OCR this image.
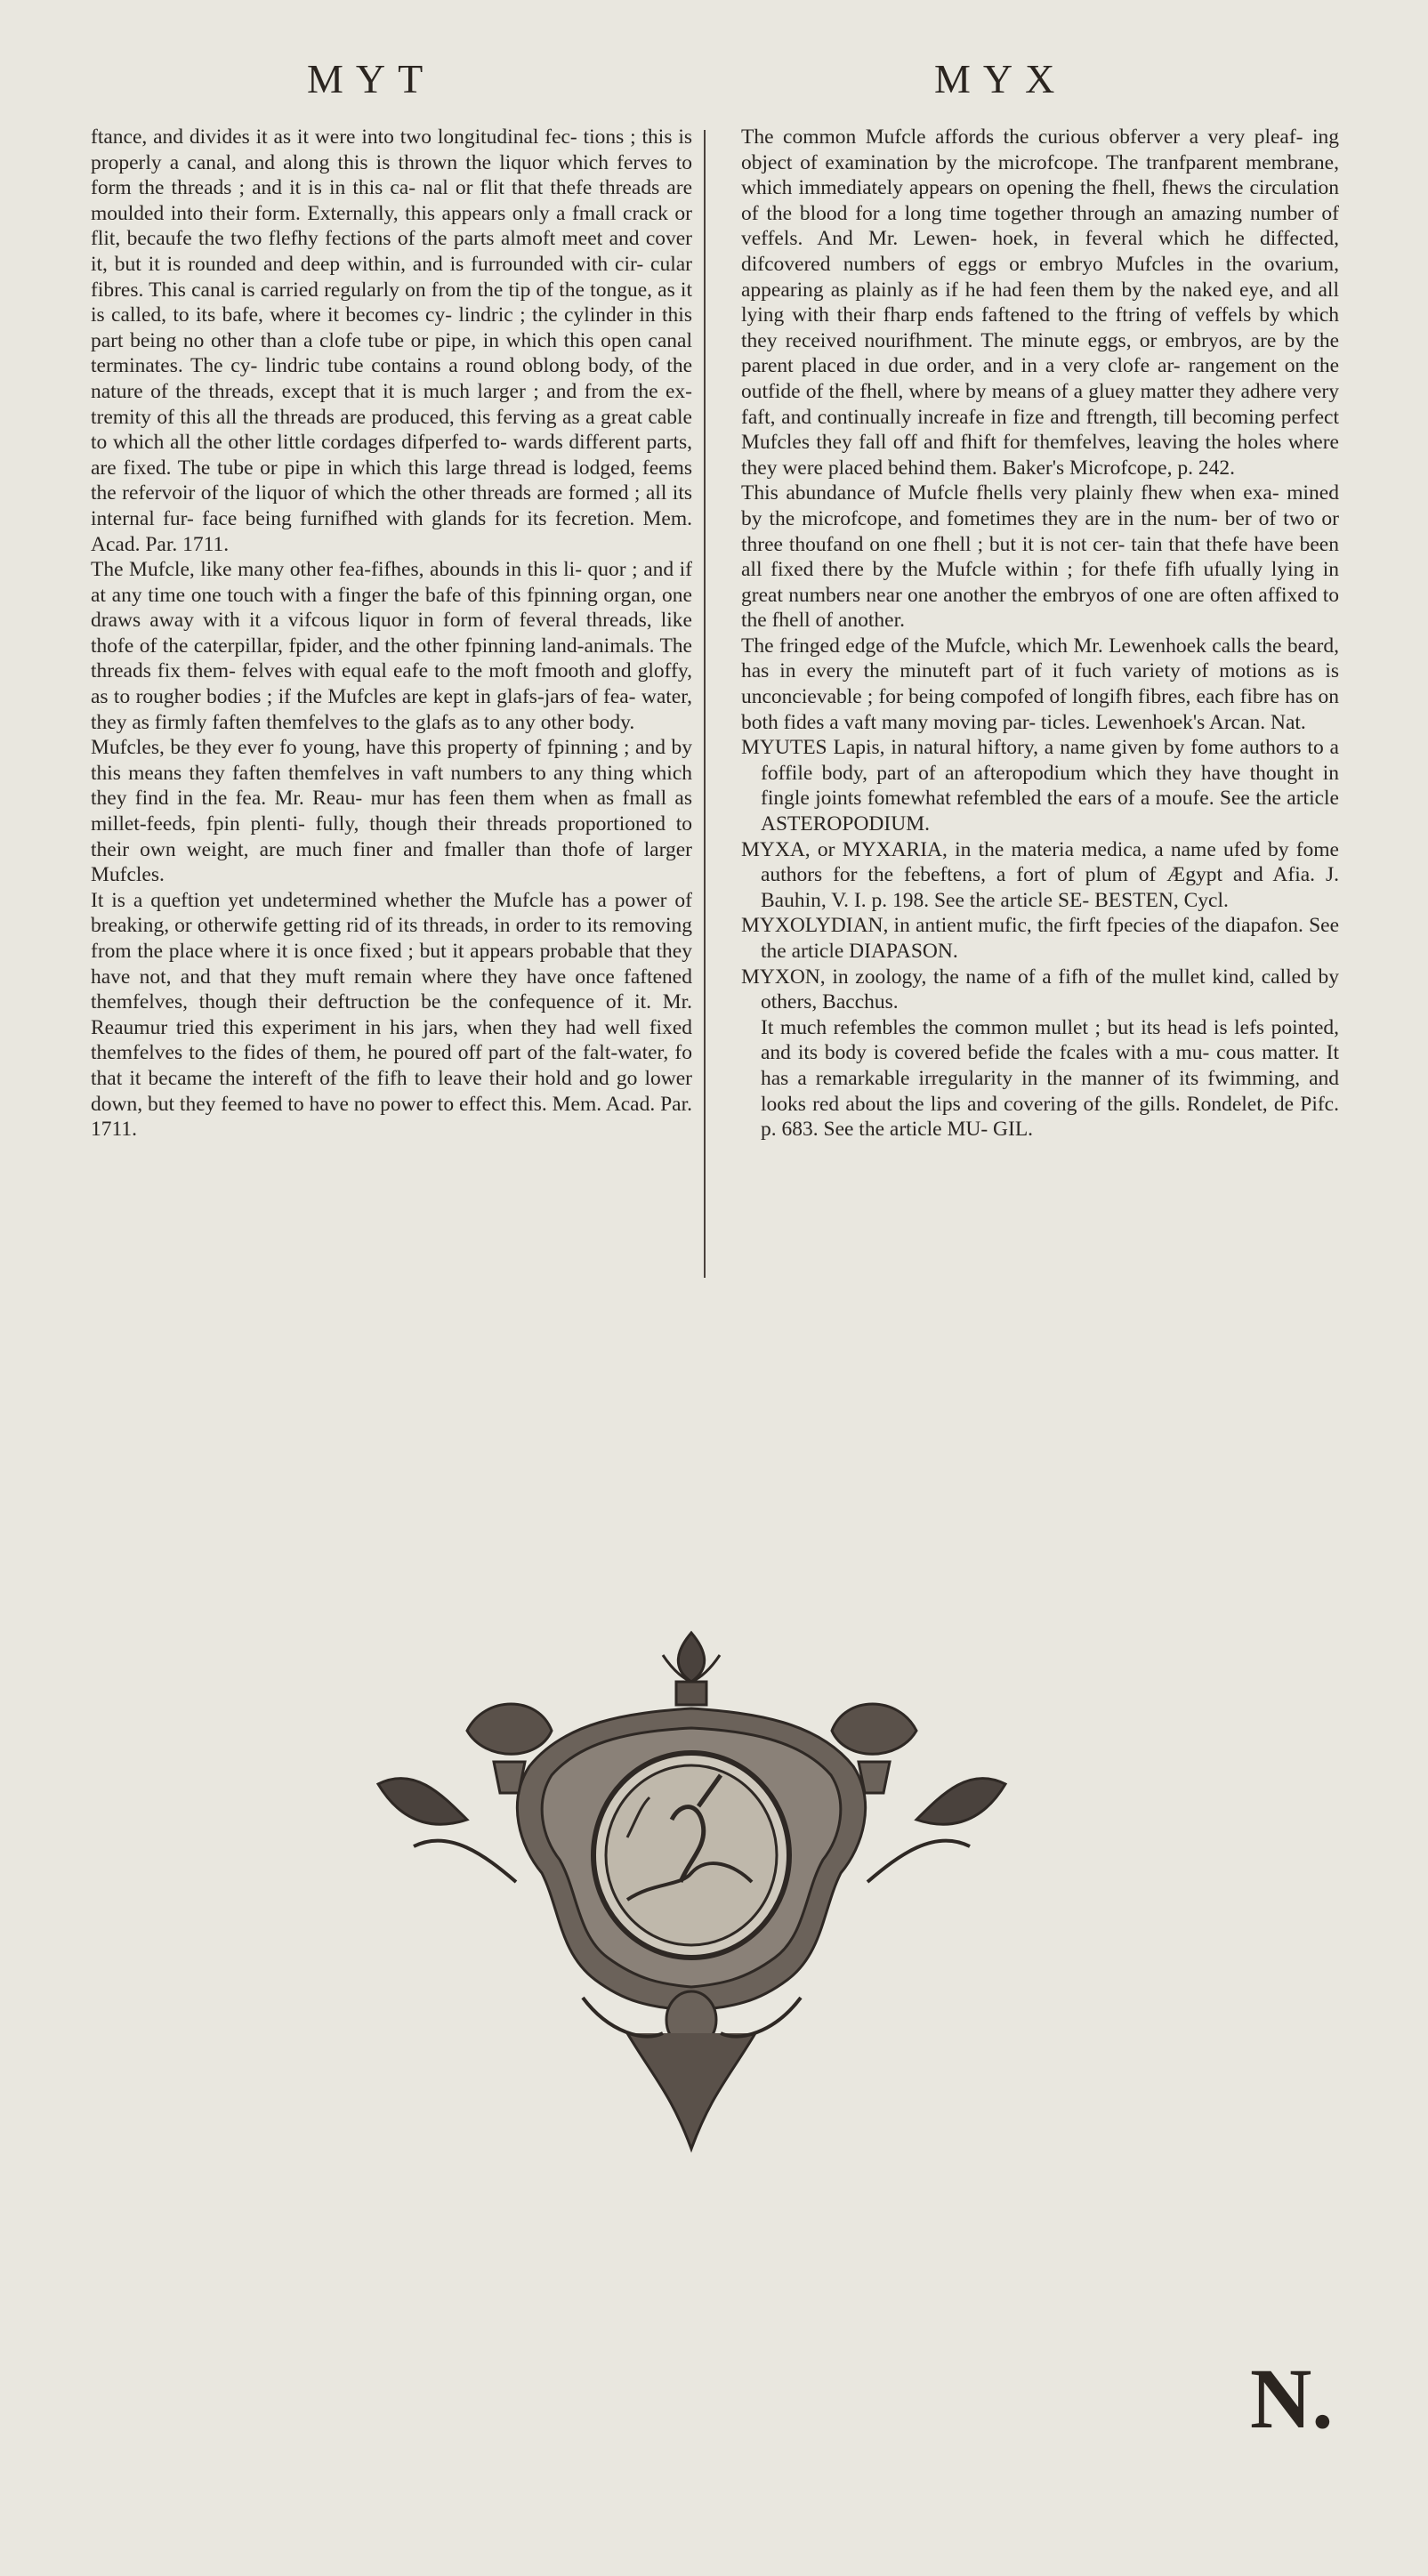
MYT	MYX

ftance, and divides it as it were into two longitudinal fec- tions ; this is properly a canal, and along this is thrown the liquor which ferves to form the threads ; and it is in this ca- nal or flit that thefe threads are moulded into their form. Externally, this appears only a fmall crack or flit, becaufe the two flefhy fections of the parts almoft meet and cover it, but it is rounded and deep within, and is furrounded with cir- cular fibres. This canal is carried regularly on from the tip of the tongue, as it is called, to its bafe, where it becomes cy- lindric ; the cylinder in this part being no other than a clofe tube or pipe, in which this open canal terminates. The cy- lindric tube contains a round oblong body, of the nature of the threads, except that it is much larger ; and from the ex- tremity of this all the threads are produced, this ferving as a great cable to which all the other little cordages difperfed to- wards different parts, are fixed. The tube or pipe in which this large thread is lodged, feems the refervoir of the liquor of which the other threads are formed ; all its internal fur- face being furnifhed with glands for its fecretion. Mem. Acad. Par. 1711.

The Mufcle, like many other fea-fifhes, abounds in this li- quor ; and if at any time one touch with a finger the bafe of this fpinning organ, one draws away with it a vifcous liquor in form of feveral threads, like thofe of the caterpillar, fpider, and the other fpinning land-animals. The threads fix them- felves with equal eafe to the moft fmooth and gloffy, as to rougher bodies ; if the Mufcles are kept in glafs-jars of fea- water, they as firmly faften themfelves to the glafs as to any other body.

Mufcles, be they ever fo young, have this property of fpinning ; and by this means they faften themfelves in vaft numbers to any thing which they find in the fea. Mr. Reau- mur has feen them when as fmall as millet-feeds, fpin plenti- fully, though their threads proportioned to their own weight, are much finer and fmaller than thofe of larger Mufcles.

It is a queftion yet undetermined whether the Mufcle has a power of breaking, or otherwife getting rid of its threads, in order to its removing from the place where it is once fixed ; but it appears probable that they have not, and that they muft remain where they have once faftened themfelves, though their deftruction be the confequence of it. Mr. Reaumur tried this experiment in his jars, when they had well fixed themfelves to the fides of them, he poured off part of the falt-water, fo that it became the intereft of the fifh to leave their hold and go lower down, but they feemed to have no power to effect this. Mem. Acad. Par. 1711.

The common Mufcle affords the curious obferver a very pleaf- ing object of examination by the microfcope. The tranfparent membrane, which immediately appears on opening the fhell, fhews the circulation of the blood for a long time together through an amazing number of veffels. And Mr. Lewen- hoek, in feveral which he diffected, difcovered numbers of eggs or embryo Mufcles in the ovarium, appearing as plainly as if he had feen them by the naked eye, and all lying with their fharp ends faftened to the ftring of veffels by which they received nourifhment. The minute eggs, or embryos, are by the parent placed in due order, and in a very clofe ar- rangement on the outfide of the fhell, where by means of a gluey matter they adhere very faft, and continually increafe in fize and ftrength, till becoming perfect Mufcles they fall off and fhift for themfelves, leaving the holes where they were placed behind them. Baker's Microfcope, p. 242.

This abundance of Mufcle fhells very plainly fhew when exa- mined by the microfcope, and fometimes they are in the num- ber of two or three thoufand on one fhell ; but it is not cer- tain that thefe have been all fixed there by the Mufcle within ; for thefe fifh ufually lying in great numbers near one another the embryos of one are often affixed to the fhell of another.

The fringed edge of the Mufcle, which Mr. Lewenhoek calls the beard, has in every the minuteft part of it fuch variety of motions as is unconcievable ; for being compofed of longifh fibres, each fibre has on both fides a vaft many moving par- ticles. Lewenhoek's Arcan. Nat.

MYUTES Lapis, in natural hiftory, a name given by fome authors to a foffile body, part of an afteropodium which they have thought in fingle joints fomewhat refembled the ears of a moufe. See the article ASTEROPODIUM.

MYXA, or MYXARIA, in the materia medica, a name ufed by fome authors for the febeftens, a fort of plum of Ægypt and Afia. J. Bauhin, V. I. p. 198. See the article SE- BESTEN, Cycl.

MYXOLYDIAN, in antient mufic, the firft fpecies of the diapafon. See the article DIAPASON.

MYXON, in zoology, the name of a fifh of the mullet kind, called by others, Bacchus.

It much refembles the common mullet ; but its head is lefs pointed, and its body is covered befide the fcales with a mu- cous matter. It has a remarkable irregularity in the manner of its fwimming, and looks red about the lips and covering of the gills. Rondelet, de Pifc. p. 683. See the article MU- GIL.

N.
